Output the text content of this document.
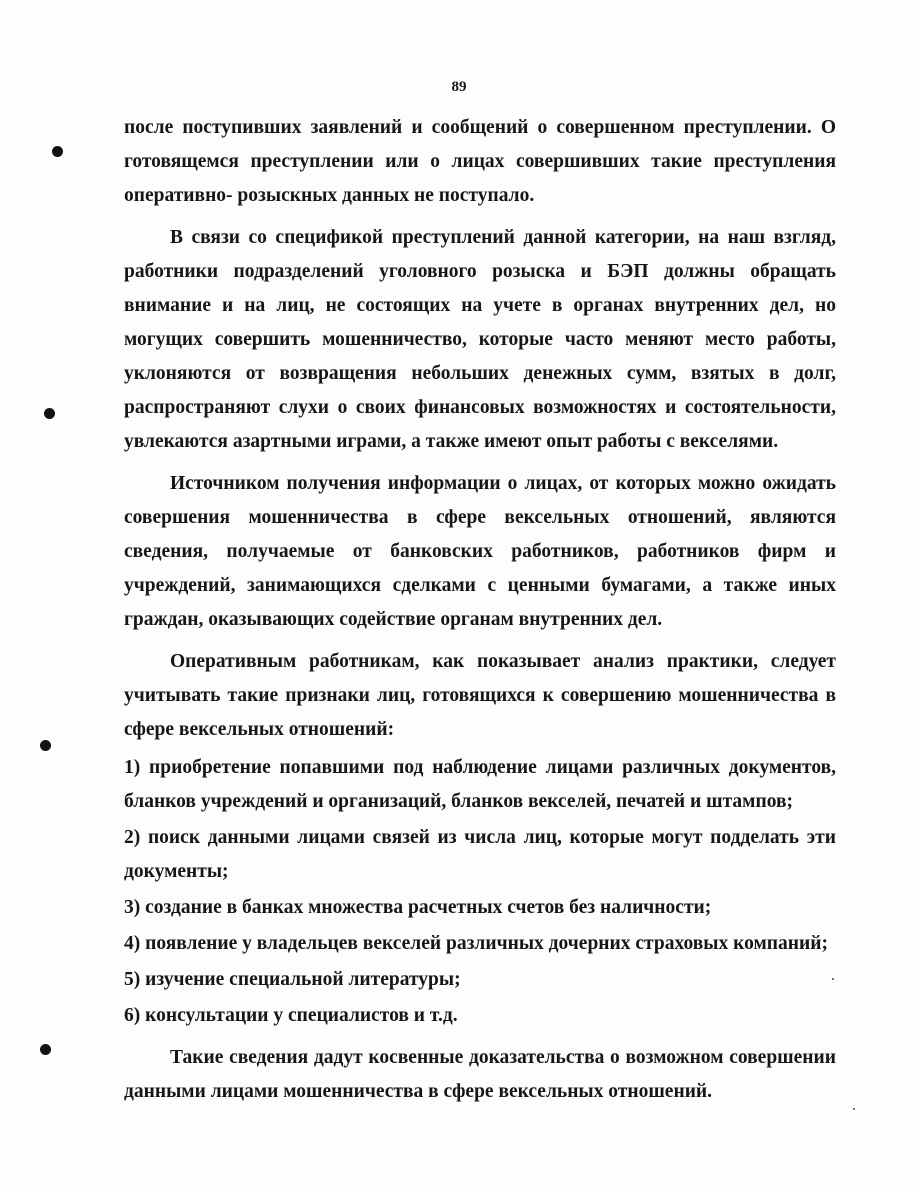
89

после поступивших заявлений и сообщений о совершенном преступлении. О готовящемся преступлении или о лицах совершивших такие преступления оперативно- розыскных данных не поступало.

В связи со спецификой преступлений данной категории, на наш взгляд, работники подразделений уголовного розыска и БЭП должны обращать внимание и на лиц, не состоящих на учете в органах внутренних дел, но могущих совершить мошенничество, которые часто меняют место работы, уклоняются от возвращения небольших денежных сумм, взятых в долг, распространяют слухи о своих финансовых возможностях и состоятельности, увлекаются азартными играми, а также имеют опыт работы с векселями.

Источником получения информации о лицах, от которых можно ожидать совершения мошенничества в сфере вексельных отношений, являются сведения, получаемые от банковских работников, работников фирм и учреждений, занимающихся сделками с ценными бумагами, а также иных граждан, оказывающих содействие органам внутренних дел.

Оперативным работникам, как показывает анализ практики, следует учитывать такие признаки лиц, готовящихся к совершению мошенничества в сфере вексельных отношений:

1) приобретение попавшими под наблюдение лицами различных документов, бланков учреждений и организаций, бланков векселей, печатей и штампов;

2) поиск данными лицами связей из числа лиц, которые могут подделать эти документы;

3) создание в банках множества расчетных счетов без наличности;

4) появление у владельцев векселей различных дочерних страховых компаний;

5) изучение специальной литературы;

6) консультации у специалистов и т.д.

Такие сведения дадут косвенные доказательства о возможном совершении данными лицами мошенничества в сфере вексельных отношений.
